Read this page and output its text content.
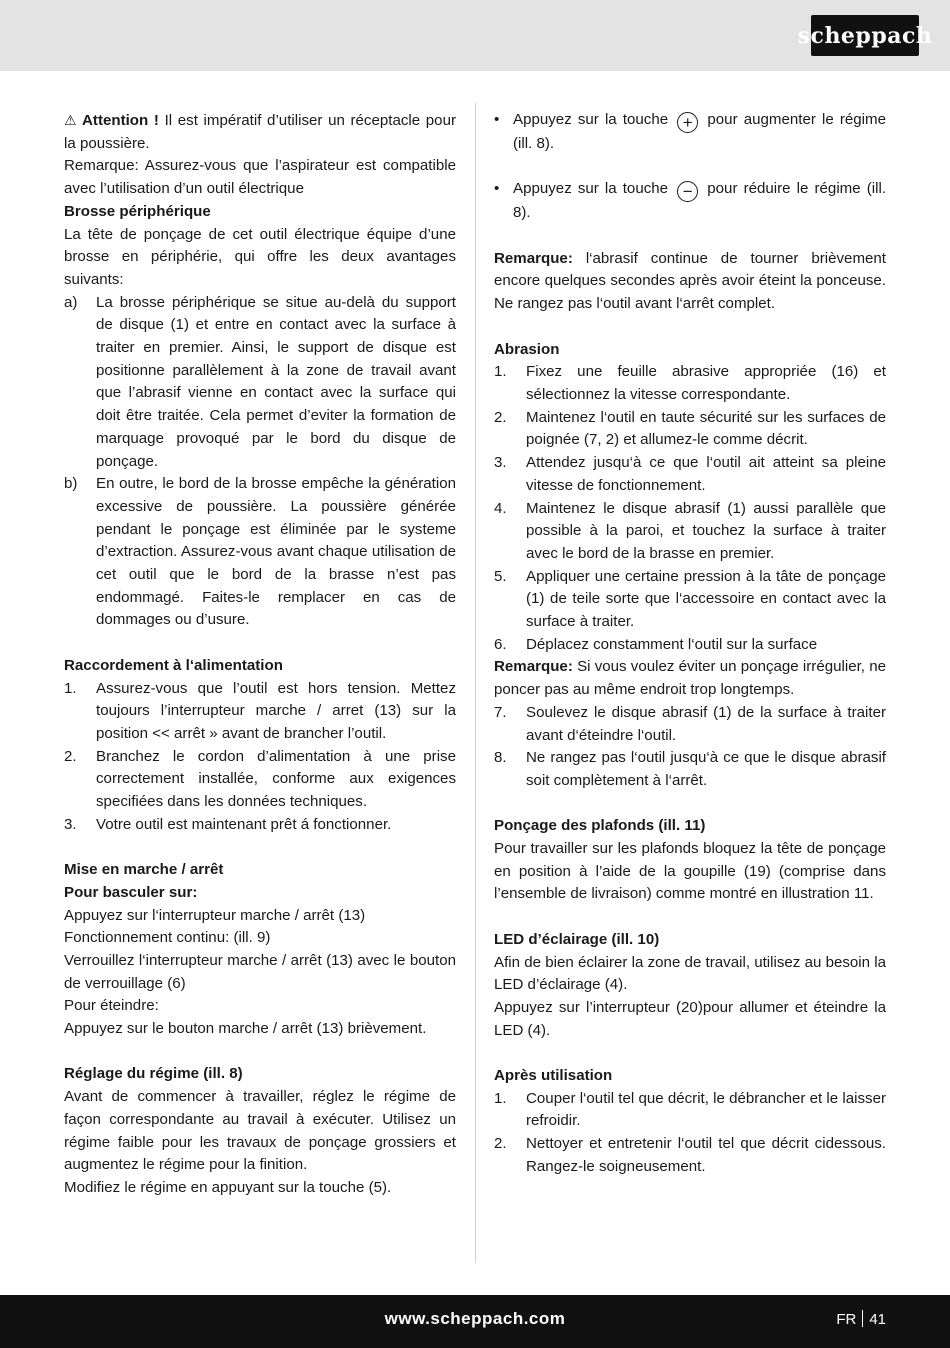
scheppach

⚠ Attention ! Il est impératif d’utiliser un réceptacle pour la poussière.

Remarque: Assurez-vous que l’aspirateur est compatible avec l’utilisation d’un outil électrique

Brosse périphérique

La tête de ponçage de cet outil électrique équipe d’une brosse en périphérie, qui offre les deux avantages suivants:

a)	La brosse périphérique se situe au-delà du support de disque (1) et entre en contact avec la surface à traiter en premier. Ainsi, le support de disque est positionne parallèlement à la zone de travail avant que l’abrasif vienne en contact avec la surface qui doit être traitée. Cela permet d’eviter la formation de marquage provoqué par le bord du disque de ponçage.
b)	En outre, le bord de la brosse empêche la génération excessive de poussière. La poussière générée pendant le ponçage est éliminée par le systeme d’extraction. Assurez-vous avant chaque utilisation de cet outil que le bord de la brasse n’est pas endommagé. Faites-le remplacer en cas de dommages ou d’usure.

Raccordement à l‘alimentation

1.	Assurez-vous que l’outil est hors tension. Mettez toujours l’interrupteur marche / arret (13) sur la position << arrêt » avant de brancher l’outil.
2.	Branchez le cordon d’alimentation à une prise correctement installée, conforme aux exigences specifiées dans les données techniques.
3.	Votre outil est maintenant prêt á fonctionner.

Mise en marche / arrêt

Pour basculer sur:

Appuyez sur l‘interrupteur marche / arrêt (13)

Fonctionnement continu: (ill. 9)

Verrouillez l‘interrupteur marche / arrêt (13) avec le bouton de verrouillage (6)

Pour éteindre:

Appuyez sur le bouton marche / arrêt (13) brièvement.

Réglage du régime (ill. 8)

Avant de commencer à travailler, réglez le régime de façon correspondante au travail à exécuter. Utilisez un régime faible pour les travaux de ponçage grossiers et augmentez le régime pour la finition.

Modifiez le régime en appuyant sur la touche (5).

• Appuyez sur la touche + pour augmenter le régime (ill. 8).
• Appuyez sur la touche − pour réduire le régime (ill. 8).

Remarque: l‘abrasif continue de tourner brièvement encore quelques secondes après avoir éteint la ponceuse. Ne rangez pas l‘outil avant l‘arrêt complet.

Abrasion

1.	Fixez une feuille abrasive appropriée (16) et sélectionnez la vitesse correspondante.
2.	Maintenez l‘outil en taute sécurité sur les surfaces de poignée (7, 2) et allumez-le comme décrit.
3.	Attendez jusqu‘à ce que l‘outil ait atteint sa pleine vitesse de fonctionnement.
4.	Maintenez le disque abrasif (1) aussi parallèle que possible à la paroi, et touchez la surface à traiter avec le bord de la brasse en premier.
5.	Appliquer une certaine pression à la tâte de ponçage (1) de teile sorte que l‘accessoire en contact avec la surface à traiter.
6.	Déplacez constamment l‘outil sur la surface

Remarque: Si vous voulez éviter un ponçage irrégulier, ne poncer pas au même endroit trop longtemps.

7.	Soulevez le disque abrasif (1) de la surface à traiter avant d‘éteindre l‘outil.
8.	Ne rangez pas l‘outil jusqu‘à ce que le disque abrasif soit complètement à l‘arrêt.

Ponçage des plafonds (ill. 11)

Pour travailler sur les plafonds bloquez la tête de ponçage en position à l’aide de la goupille (19) (comprise dans l’ensemble de livraison) comme montré en illustration 11.

LED d’éclairage (ill. 10)

Afin de bien éclairer la zone de travail, utilisez au besoin la LED d’éclairage (4).

Appuyez sur l’interrupteur (20)pour allumer et éteindre la LED (4).

Après utilisation

1.	Couper l‘outil tel que décrit, le débrancher et le laisser refroidir.
2.	Nettoyer et entretenir l‘outil tel que décrit cidessous. Rangez-le soigneusement.
www.scheppach.com	FR 41
